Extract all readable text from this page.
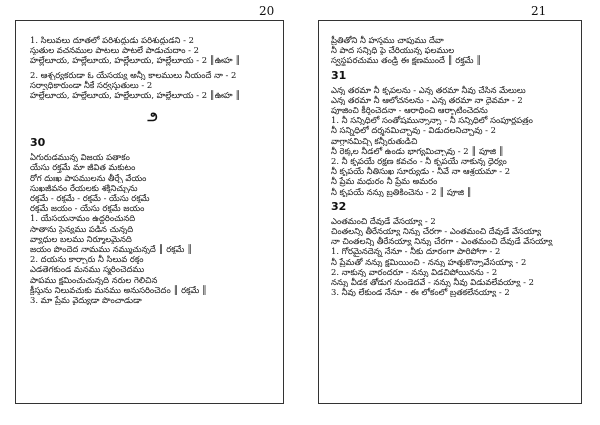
20	21
1. సిలువలు దూతలో పరిశుద్ధుడు పరిశుద్ధుడని - 2
స్తుతుల వచనముల పాటలు పాటలే పాడుచుదాం - 2
హల్లేలూయ, హల్లేలూయ, హల్లేలూయ, హల్లేలూయ - 2 ║ఊహ ║
2. ఆశ్చర్యకరుడా ఓ యేసయ్య అన్నీ కాలములు నీయందే నా - 2
సర్వాధికారుండా నీకే సర్వస్తుతులు - 2
హల్లేలూయ, హల్లేలూయ, హల్లేలూయ, హల్లేలూయ - 2 ║ఊహ ║
౨
30
ఏగురుడమున్న విజయ పతాకం
యేసు రక్తమే మా జీవిత మకుటం
రోగ దుఃఖ పాపములను తీర్చే వేయం
సుఖజీవనం రేయలకు శక్తినిచ్చును
రక్తమే - రక్తమే - రక్తమే - యేసు రక్తమే
రక్తమే జయం - యేసు రక్తమే జయం
1. యేసయనామం ఉద్ధరించునది
సాతాను సైన్యము పడిన చున్నది
వ్యాధుల బలము నిర్మూలమైనది
జయం పొందెద నామము నమ్ముచున్నదే ║ రక్తమే ║
2. దయను కార్చారు నీ సిలువ రక్తం
ఎడతెగకుండ మనము స్మరించెదము
పాపము క్షమించుచున్నది నరుల గెలిచిన
క్రీస్తును నిలువచుకు మనము అనుసరించెదం ║ రక్తమే ║
3. మా ప్రేమ వైద్యుడా పొంచాడుడా
ప్రీతితోని నీ హస్తము చాపుము దేవా
నీ పాద సన్నిధి పై చేరియున్న ఫలముల
స్వస్థపరచుము తండ్రి ఈ క్షణముందే ║ రక్తమే ║
31
ఎన్న తరమా నీ కృపలను - ఎన్న తరమా నీవు చేసిన మేలులు
ఎన్న తరమా నీ ఆలోచనలను - ఎన్న తరమా నా దైవమా - 2
పూజించి కీర్తించెదనా - ఆరాధించి ఆర్భాటించెదను
1. నీ సన్నిధిలో సంతోషమున్నాన్నా - నీ సన్నిధిలో సంపూర్ణపత్రం
నీ సన్నిధిలో దర్శనమిచ్చావు - విడుదలనిచ్చావు - 2
వాగ్దానమిచ్చి కన్నీరుతుడిచి
నీ రెక్కల నీడలో ఉండు భాగ్యమిచ్చావు - 2 ║ పూజి ║
2. నీ కృపయే రక్షణ కవచం - నీ కృపయే నాకున్న ధైర్యం
నీ కృపయే నీతిసుఖ సూర్యుడు - నీవే నా ఆశ్రయమా - 2
నీ ప్రేమ మధురం నీ ప్రేమ అమరం
నీ కృపయే నన్ను బ్రతికించెను - 2 ║ పూజి ║
32
ఎంతమంచి దేవుడే వేసయ్యా - 2
చింతలన్ని తీరేనయ్యా నిన్ను చేరగా - ఎంతమంచి దేవుడే వేసయ్యా
నా చింతలన్ని తీరేనయ్యా నిన్ను చేరగా - ఎంతమంచి దేవుడే వేసయ్యా
1. గోరమైనదెన్న నేనూ - నీకు దూరంగా పారిపోగా - 2
నీ ప్రేమతో నన్ను క్షమియించి - నన్ను హత్తుకొన్నావేసయ్యా - 2
2. నాకున్న వారందరూ - నన్ను విడచిపోయినను - 2
నన్ను వీడక తోడుగ నుండెదవే - నన్ను నీవు విడువలేవయ్యా - 2
3. నీవు లేకుండ నేనూ - ఈ లోకంలో బ్రతకలేనయ్యా - 2
